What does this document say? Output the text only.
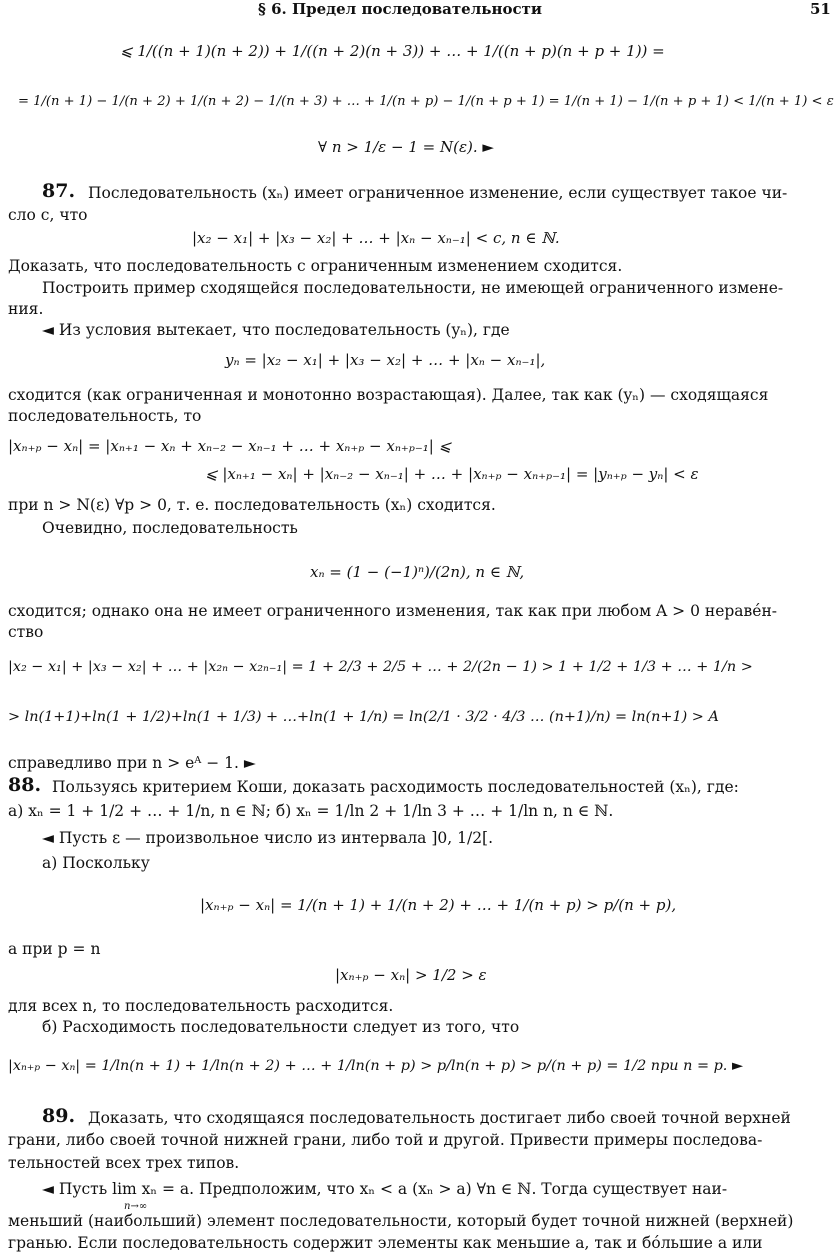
§ 6. Предел последовательности	51
⩽ 1/((n + 1)(n + 2)) + 1/((n + 2)(n + 3)) + … + 1/((n + p)(n + p + 1)) =
= 1/(n + 1) − 1/(n + 2) + 1/(n + 2) − 1/(n + 3) + … + 1/(n + p) − 1/(n + p + 1) = 1/(n + 1) − 1/(n + p + 1) < 1/(n + 1) < ε
∀ n > 1/ε − 1 = N(ε). ►
87. Последовательность (xₙ) имеет ограниченное изменение, если существует такое чи-
сло c, что
|x₂ − x₁| + |x₃ − x₂| + … + |xₙ − xₙ₋₁| < c, n ∈ ℕ.
Доказать, что последовательность с ограниченным изменением сходится.
Построить пример сходящейся последовательности, не имеющей ограниченного измене-
ния.
◄ Из условия вытекает, что последовательность (yₙ), где
yₙ = |x₂ − x₁| + |x₃ − x₂| + … + |xₙ − xₙ₋₁|,
сходится (как ограниченная и монотонно возрастающая). Далее, так как (yₙ) — сходящаяся
последовательность, то
|xₙ₊ₚ − xₙ| = |xₙ₊₁ − xₙ + xₙ₋₂ − xₙ₋₁ + … + xₙ₊ₚ − xₙ₊ₚ₋₁| ⩽
⩽ |xₙ₊₁ − xₙ| + |xₙ₋₂ − xₙ₋₁| + … + |xₙ₊ₚ − xₙ₊ₚ₋₁| = |yₙ₊ₚ − yₙ| < ε
при n > N(ε) ∀p > 0, т. е. последовательность (xₙ) сходится.
Очевидно, последовательность
xₙ = (1 − (−1)ⁿ)/(2n), n ∈ ℕ,
сходится; однако она не имеет ограниченного изменения, так как при любом A > 0 нераве́н-
ство
|x₂ − x₁| + |x₃ − x₂| + … + |x₂ₙ − x₂ₙ₋₁| = 1 + 2/3 + 2/5 + … + 2/(2n − 1) > 1 + 1/2 + 1/3 + … + 1/n >
> ln(1+1)+ln(1 + 1/2)+ln(1 + 1/3) + …+ln(1 + 1/n) = ln(2/1 · 3/2 · 4/3 … (n+1)/n) = ln(n+1) > A
справедливо при n > eᴬ − 1. ►
88. Пользуясь критерием Коши, доказать расходимость последовательностей (xₙ), где:
а) xₙ = 1 + 1/2 + … + 1/n, n ∈ ℕ; б) xₙ = 1/ln 2 + 1/ln 3 + … + 1/ln n, n ∈ ℕ.
◄ Пусть ε — произвольное число из интервала ]0, 1/2[.
а) Поскольку
|xₙ₊ₚ − xₙ| = 1/(n + 1) + 1/(n + 2) + … + 1/(n + p) > p/(n + p),
а при p = n
|xₙ₊ₚ − xₙ| > 1/2 > ε
для всех n, то последовательность расходится.
б) Расходимость последовательности следует из того, что
|xₙ₊ₚ − xₙ| = 1/ln(n + 1) + 1/ln(n + 2) + … + 1/ln(n + p) > p/ln(n + p) > p/(n + p) = 1/2 при n = p. ►
89. Доказать, что сходящаяся последовательность достигает либо своей точной верхней
грани, либо своей точной нижней грани, либо той и другой. Привести примеры последова-
тельностей всех трех типов.
◄ Пусть lim xₙ = a. Предположим, что xₙ < a (xₙ > a) ∀n ∈ ℕ. Тогда существует наи-
n→∞
меньший (наибольший) элемент последовательности, который будет точной нижней (верхней)
гранью. Если последовательность содержит элементы как меньшие a, так и бо́льшие a или
